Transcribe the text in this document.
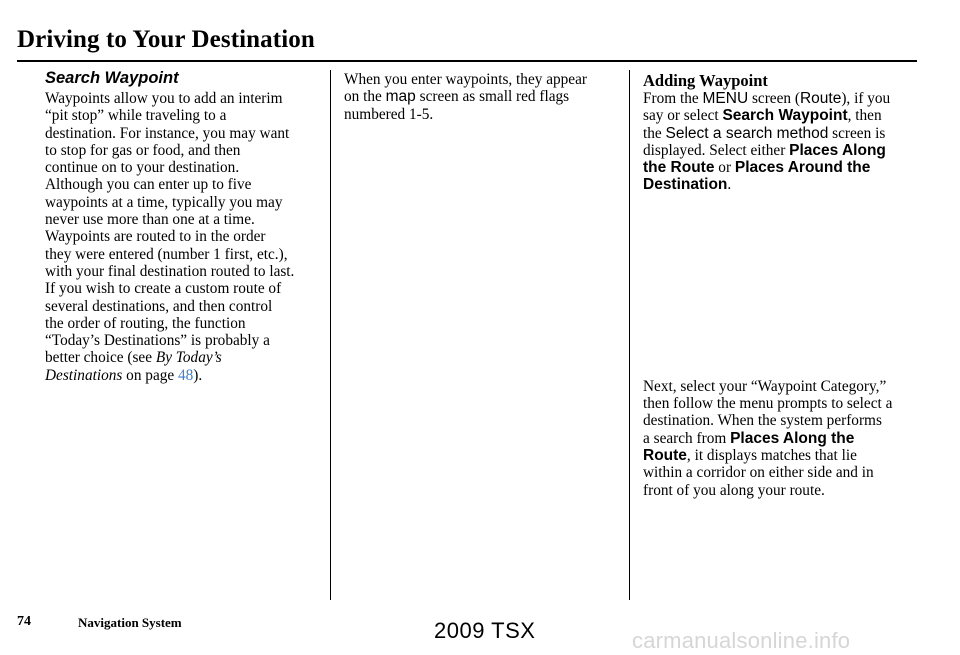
Driving to Your Destination
Search Waypoint
Waypoints allow you to add an interim
“pit stop” while traveling to a
destination. For instance, you may want
to stop for gas or food, and then
continue on to your destination.
Although you can enter up to five
waypoints at a time, typically you may
never use more than one at a time.
Waypoints are routed to in the order
they were entered (number 1 first, etc.),
with your final destination routed to last.
If you wish to create a custom route of
several destinations, and then control
the order of routing, the function
“Today’s Destinations” is probably a
better choice (see By Today’s
Destinations on page 48).
When you enter waypoints, they appear
on the map screen as small red flags
numbered 1-5.
Adding Waypoint
From the MENU screen (Route), if you
say or select Search Waypoint, then
the Select a search method screen is
displayed. Select either Places Along
the Route or Places Around the
Destination.
Next, select your “Waypoint Category,”
then follow the menu prompts to select a
destination. When the system performs
a search from Places Along the
Route, it displays matches that lie
within a corridor on either side and in
front of you along your route.
74	Navigation System	2009 TSX	carmanualsonline.info
